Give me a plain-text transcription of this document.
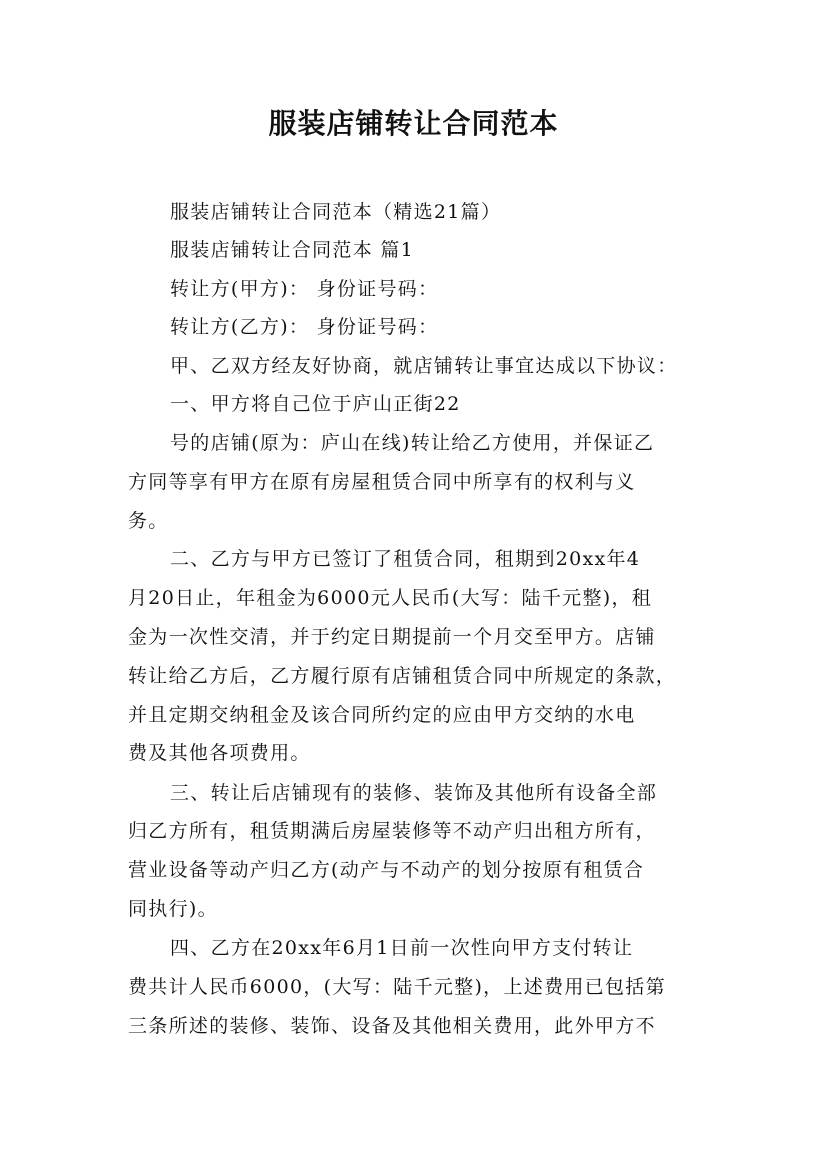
服装店铺转让合同范本
服装店铺转让合同范本（精选21篇）
服装店铺转让合同范本 篇1
转让方(甲方)： 身份证号码：
转让方(乙方)： 身份证号码：
甲、乙双方经友好协商，就店铺转让事宜达成以下协议：
一、甲方将自己位于庐山正街22
号的店铺(原为：庐山在线)转让给乙方使用，并保证乙
方同等享有甲方在原有房屋租赁合同中所享有的权利与义
务。
二、乙方与甲方已签订了租赁合同，租期到20xx年4
月20日止，年租金为6000元人民币(大写：陆千元整)，租
金为一次性交清，并于约定日期提前一个月交至甲方。店铺
转让给乙方后，乙方履行原有店铺租赁合同中所规定的条款，
并且定期交纳租金及该合同所约定的应由甲方交纳的水电
费及其他各项费用。
三、转让后店铺现有的装修、装饰及其他所有设备全部
归乙方所有，租赁期满后房屋装修等不动产归出租方所有，
营业设备等动产归乙方(动产与不动产的划分按原有租赁合
同执行)。
四、乙方在20xx年6月1日前一次性向甲方支付转让
费共计人民币6000，(大写：陆千元整)，上述费用已包括第
三条所述的装修、装饰、设备及其他相关费用，此外甲方不
